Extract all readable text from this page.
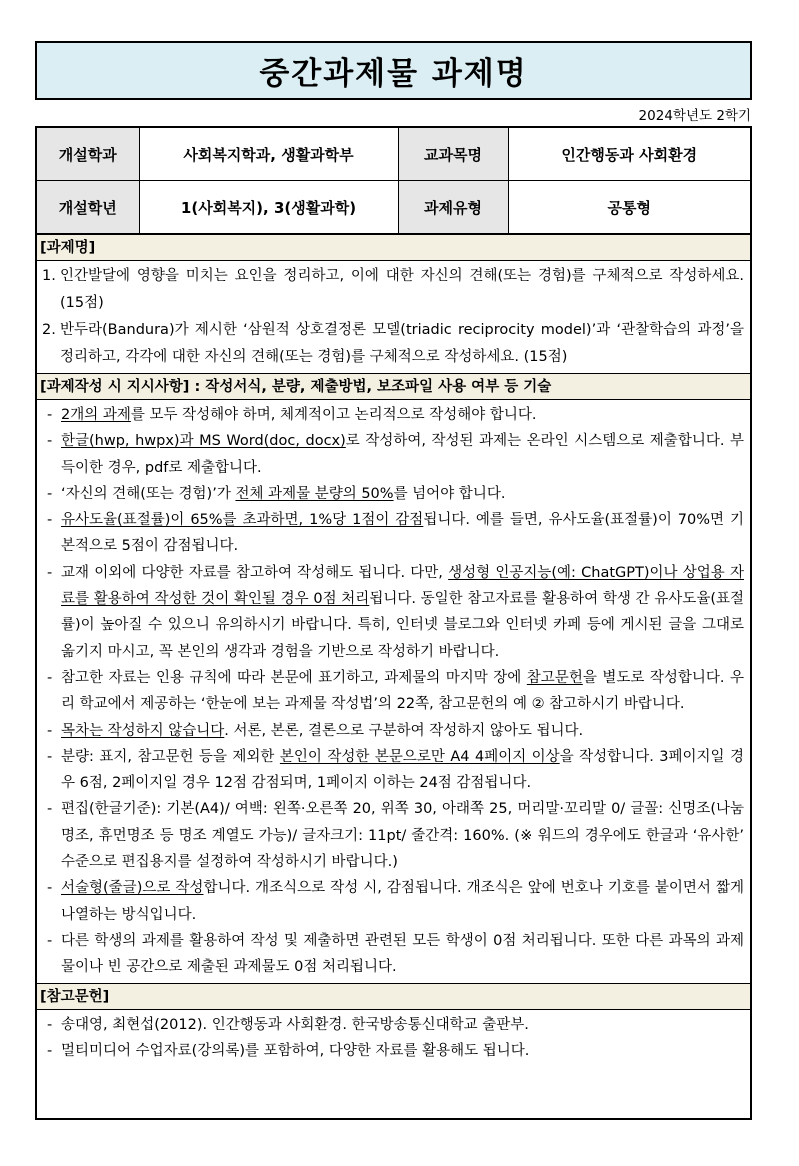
중간과제물 과제명
2024학년도 2학기
개설학과	사회복지학과, 생활과학부	교과목명	인간행동과 사회환경
개설학년	1(사회복지), 3(생활과학)	과제유형	공통형
[과제명]
1. 인간발달에 영향을 미치는 요인을 정리하고, 이에 대한 자신의 견해(또는 경험)를 구체적으로 작성하세요. (15점)
2. 반두라(Bandura)가 제시한 ‘삼원적 상호결정론 모델(triadic reciprocity model)’과 ‘관찰학습의 과정’을 정리하고, 각각에 대한 자신의 견해(또는 경험)를 구체적으로 작성하세요. (15점)
[과제작성 시 지시사항] : 작성서식, 분량, 제출방법, 보조파일 사용 여부 등 기술
- 2개의 과제를 모두 작성해야 하며, 체계적이고 논리적으로 작성해야 합니다.
- 한글(hwp, hwpx)과 MS Word(doc, docx)로 작성하여, 작성된 과제는 온라인 시스템으로 제출합니다. 부득이한 경우, pdf로 제출합니다.
- ‘자신의 견해(또는 경험)’가 전체 과제물 분량의 50%를 넘어야 합니다.
- 유사도율(표절률)이 65%를 초과하면, 1%당 1점이 감점됩니다. 예를 들면, 유사도율(표절률)이 70%면 기본적으로 5점이 감점됩니다.
- 교재 이외에 다양한 자료를 참고하여 작성해도 됩니다. 다만, 생성형 인공지능(예: ChatGPT)이나 상업용 자료를 활용하여 작성한 것이 확인될 경우 0점 처리됩니다. 동일한 참고자료를 활용하여 학생 간 유사도율(표절률)이 높아질 수 있으니 유의하시기 바랍니다. 특히, 인터넷 블로그와 인터넷 카페 등에 게시된 글을 그대로 옮기지 마시고, 꼭 본인의 생각과 경험을 기반으로 작성하기 바랍니다.
- 참고한 자료는 인용 규칙에 따라 본문에 표기하고, 과제물의 마지막 장에 참고문헌을 별도로 작성합니다. 우리 학교에서 제공하는 ‘한눈에 보는 과제물 작성법’의 22쪽, 참고문헌의 예 ② 참고하시기 바랍니다.
- 목차는 작성하지 않습니다. 서론, 본론, 결론으로 구분하여 작성하지 않아도 됩니다.
- 분량: 표지, 참고문헌 등을 제외한 본인이 작성한 본문으로만 A4 4페이지 이상을 작성합니다. 3페이지일 경우 6점, 2페이지일 경우 12점 감점되며, 1페이지 이하는 24점 감점됩니다.
- 편집(한글기준): 기본(A4)/ 여백: 왼쪽·오른쪽 20, 위쪽 30, 아래쪽 25, 머리말·꼬리말 0/ 글꼴: 신명조(나눔명조, 휴먼명조 등 명조 계열도 가능)/ 글자크기: 11pt/ 줄간격: 160%. (※ 워드의 경우에도 한글과 ‘유사한’ 수준으로 편집용지를 설정하여 작성하시기 바랍니다.)
- 서술형(줄글)으로 작성합니다. 개조식으로 작성 시, 감점됩니다. 개조식은 앞에 번호나 기호를 붙이면서 짧게 나열하는 방식입니다.
- 다른 학생의 과제를 활용하여 작성 및 제출하면 관련된 모든 학생이 0점 처리됩니다. 또한 다른 과목의 과제물이나 빈 공간으로 제출된 과제물도 0점 처리됩니다.
[참고문헌]
- 송대영, 최현섭(2012). 인간행동과 사회환경. 한국방송통신대학교 출판부.
- 멀티미디어 수업자료(강의록)를 포함하여, 다양한 자료를 활용해도 됩니다.
